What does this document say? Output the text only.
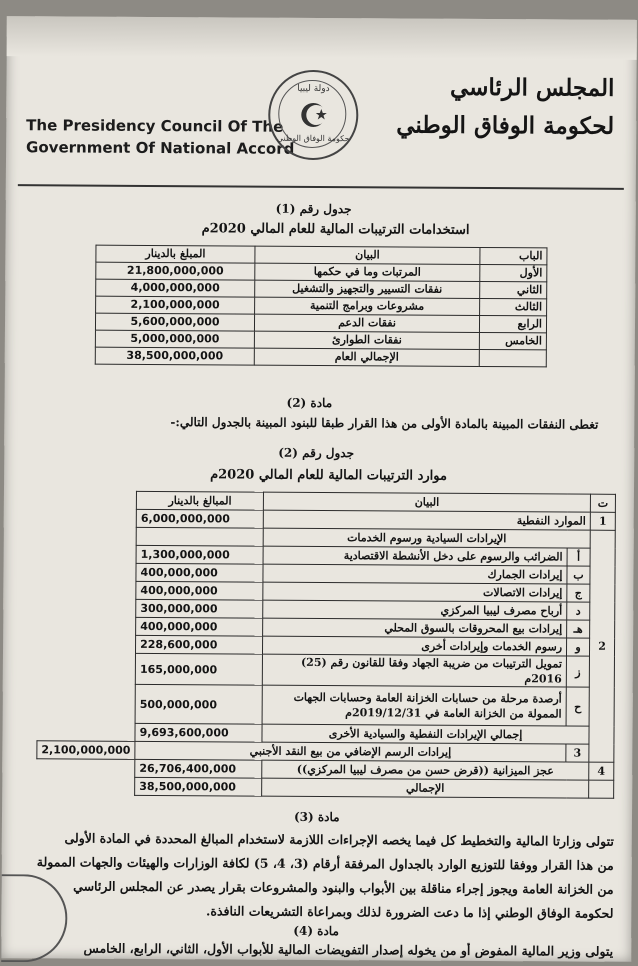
The Presidency Council Of The
Government Of National Accord
دولة ليبيا
حكومة الوفاق الوطني
المجلس الرئاسي
لحكومة الوفاق الوطني
جدول رقم (1)
استخدامات الترتيبات المالية للعام المالي 2020م
الباب	البيان	المبلغ بالدينار
الأول	المرتبات وما في حكمها	21,800,000,000
الثاني	نفقات التسيير والتجهيز والتشغيل	4,000,000,000
الثالث	مشروعات وبرامج التنمية	2,100,000,000
الرابع	نفقات الدعم	5,600,000,000
الخامس	نفقات الطوارئ	5,000,000,000
	الإجمالي العام	38,500,000,000
مادة (2)
تغطى النفقات المبينة بالمادة الأولى من هذا القرار طبقا للبنود المبينة بالجدول التالي:-
جدول رقم (2)
موارد الترتيبات المالية للعام المالي 2020م
ت	البيان		المبالغ بالدينار	
1	الموارد النفطية		6,000,000,000	
2	الإيرادات السيادية ورسوم الخدمات			
	أ	الضرائب والرسوم على دخل الأنشطة الاقتصادية	1,300,000,000	
	ب	إيرادات الجمارك	400,000,000	
	ج	إيرادات الاتصالات	400,000,000	
	د	أرباح مصرف ليبيا المركزي	300,000,000	
	هـ	إيرادات بيع المحروقات بالسوق المحلي	400,000,000	
	و	رسوم الخدمات وإيرادات أخرى	228,600,000	
	ز	تمويل الترتيبات من ضريبة الجهاد وفقا للقانون رقم (25) 2016م	165,000,000	
	ح	أرصدة مرحلة من حسابات الخزانة العامة وحسابات الجهات الممولة من الخزانة العامة في 2019/12/31م	500,000,000	
	إجمالي الإيرادات النفطية والسيادية الأخرى		9,693,600,000	
	3	إيرادات الرسم الإضافي من بيع النقد الأجنبي		2,100,000,000
4	عجز الميزانية ((قرض حسن من مصرف ليبيا المركزي))		26,706,400,000	
	الإجمالي		38,500,000,000	
مادة (3)
تتولى وزارتا المالية والتخطيط كل فيما يخصه الإجراءات اللازمة لاستخدام المبالغ المحددة في المادة الأولى
من هذا القرار ووفقا للتوزيع الوارد بالجداول المرفقة أرقام (3، 4، 5) لكافة الوزارات والهيئات والجهات الممولة
من الخزانة العامة ويجوز إجراء مناقلة بين الأبواب والبنود والمشروعات بقرار يصدر عن المجلس الرئاسي
لحكومة الوفاق الوطني إذا ما دعت الضرورة لذلك وبمراعاة التشريعات النافذة.
مادة (4)
يتولى وزير المالية المفوض أو من يخوله إصدار التفويضات المالية للأبواب الأول، الثاني، الرابع، الخامس
